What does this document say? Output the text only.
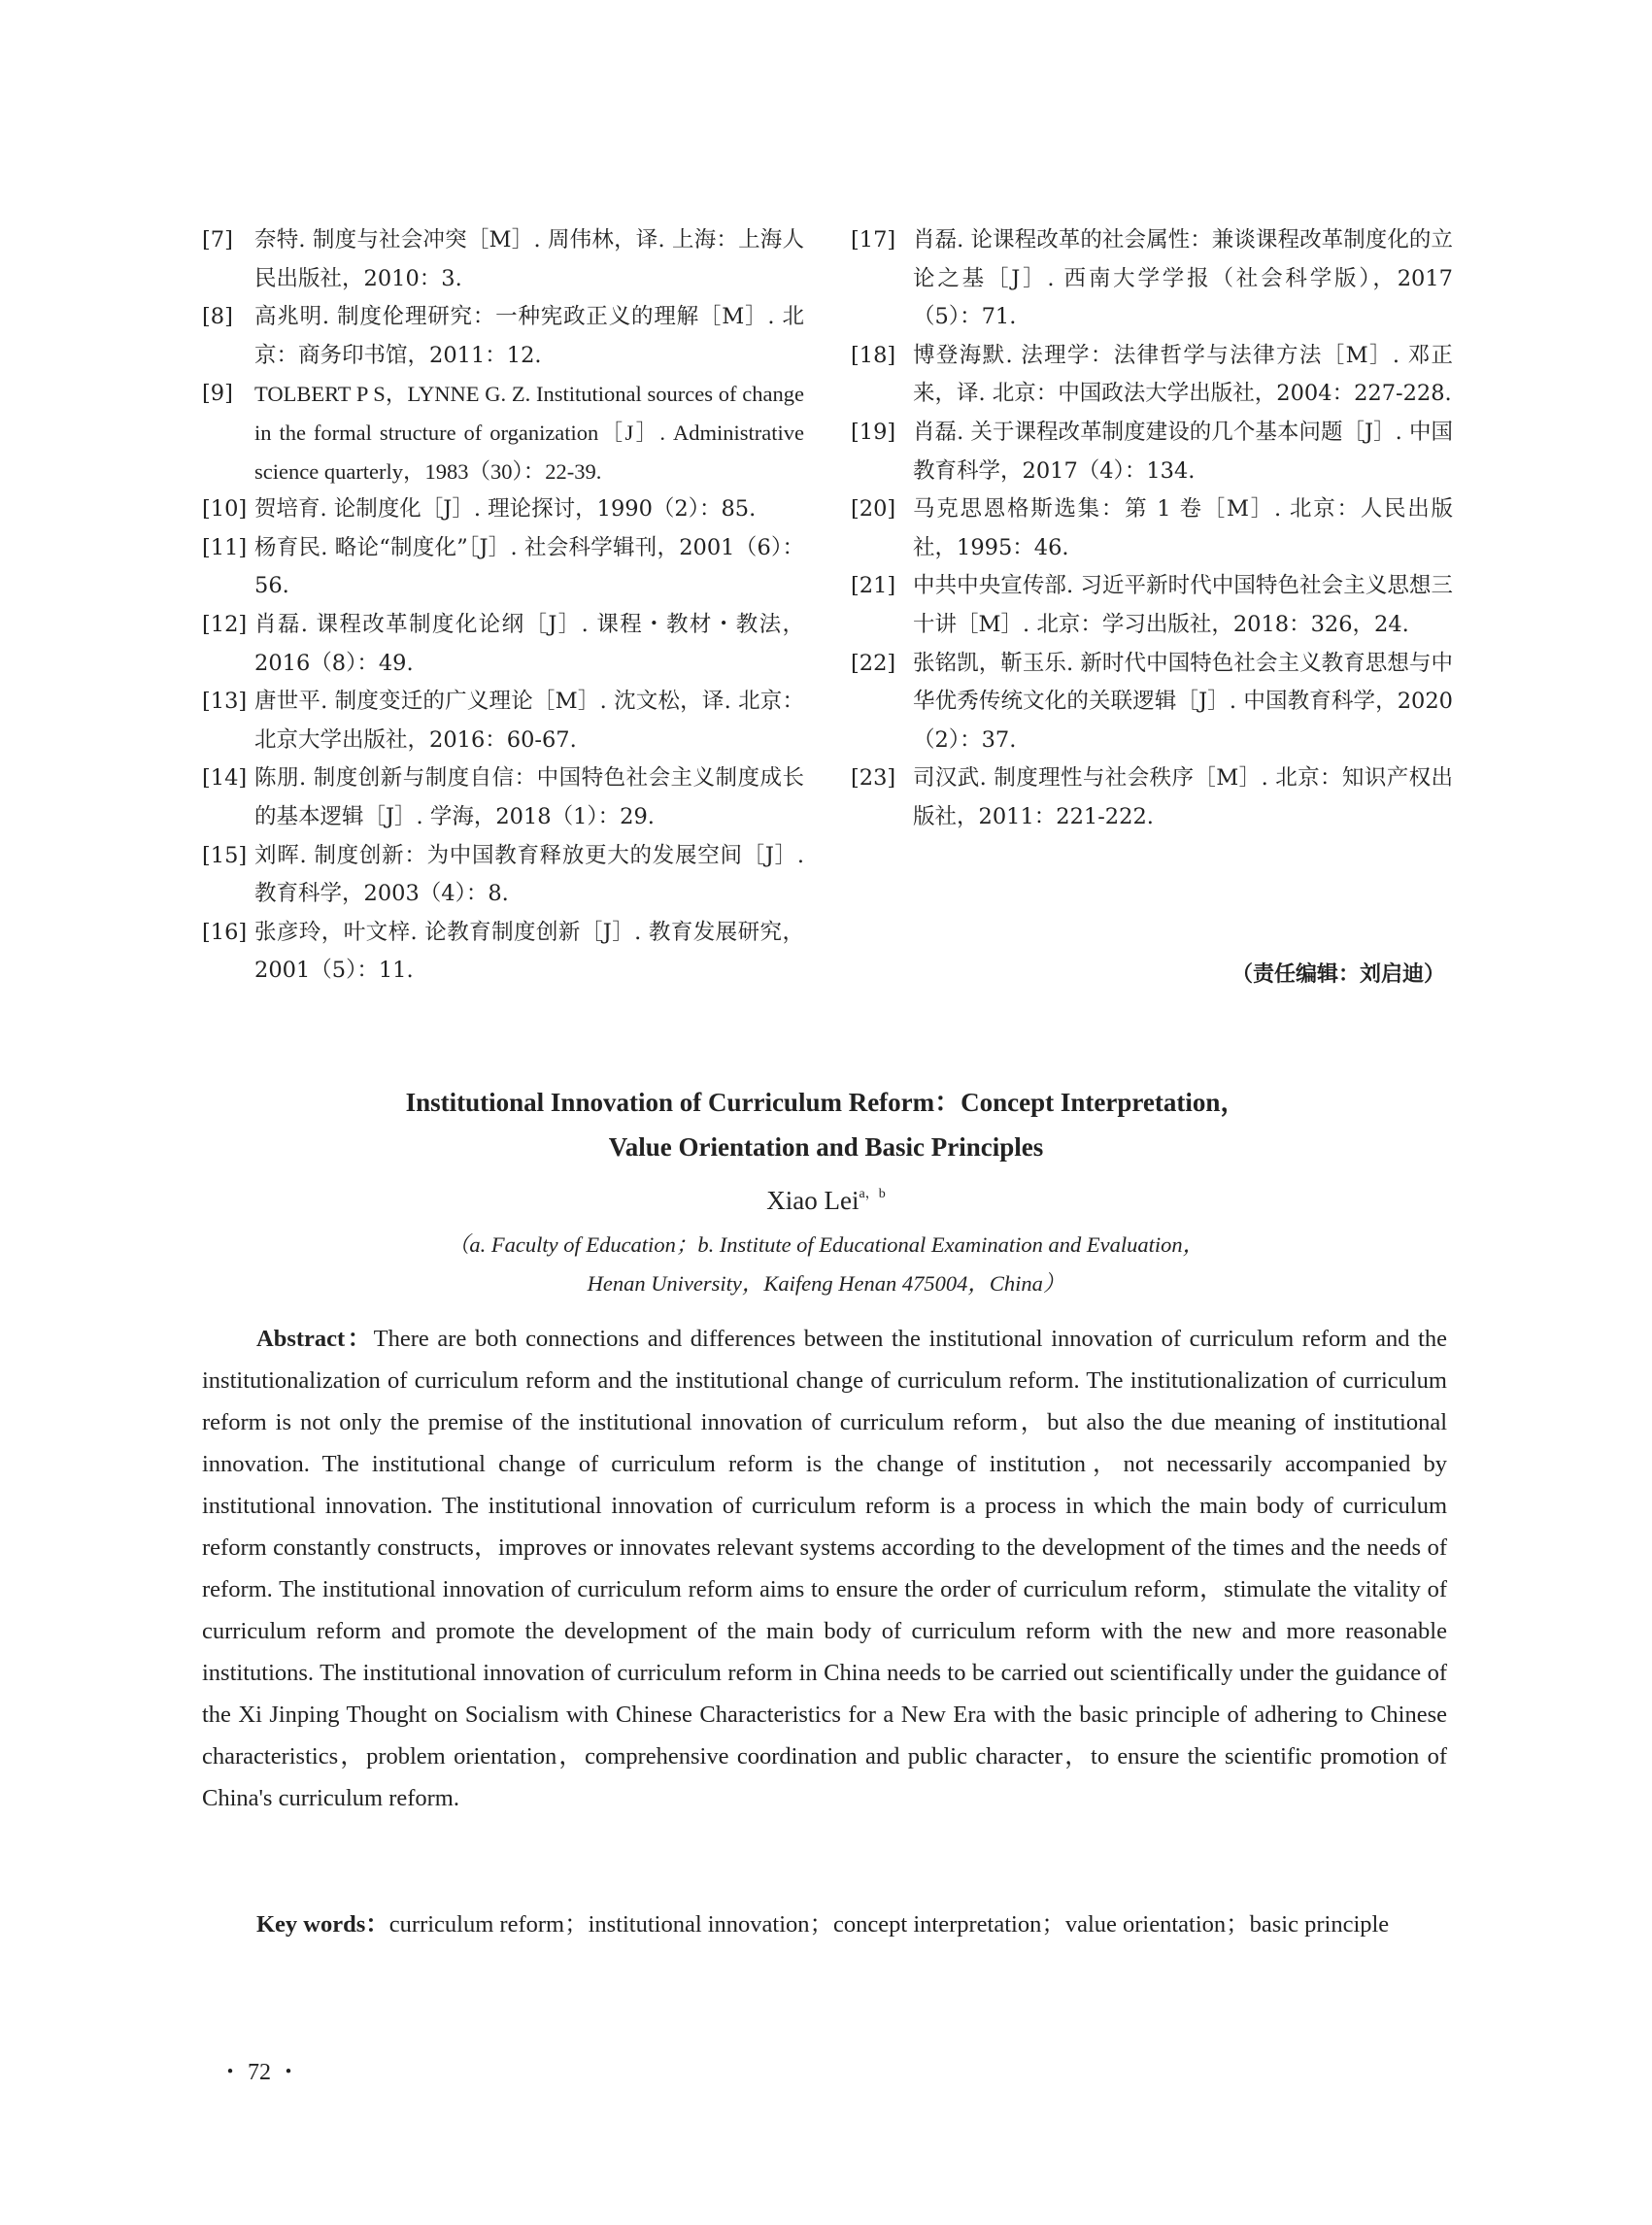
[7] 奈特. 制度与社会冲突［M］. 周伟林，译. 上海：上海人民出版社，2010：3.
[8] 高兆明. 制度伦理研究：一种宪政正义的理解［M］. 北京：商务印书馆，2011：12.
[9] TOLBERT P S，LYNNE G. Z. Institutional sources of change in the formal structure of organization［J］. Administrative science quarterly，1983（30）：22-39.
[10] 贺培育. 论制度化［J］. 理论探讨，1990（2）：85.
[11] 杨育民. 略论“制度化”［J］. 社会科学辑刊，2001（6）：56.
[12] 肖磊. 课程改革制度化论纲［J］. 课程・教材・教法，2016（8）：49.
[13] 唐世平. 制度变迁的广义理论［M］. 沈文松，译. 北京：北京大学出版社，2016：60-67.
[14] 陈朋. 制度创新与制度自信：中国特色社会主义制度成长的基本逻辑［J］. 学海，2018（1）：29.
[15] 刘晖. 制度创新：为中国教育释放更大的发展空间［J］. 教育科学，2003（4）：8.
[16] 张彦玲，叶文梓. 论教育制度创新［J］. 教育发展研究，2001（5）：11.
[17] 肖磊. 论课程改革的社会属性：兼谈课程改革制度化的立论之基［J］. 西南大学学报（社会科学版），2017（5）：71.
[18] 博登海默. 法理学：法律哲学与法律方法［M］. 邓正来，译. 北京：中国政法大学出版社，2004：227-228.
[19] 肖磊. 关于课程改革制度建设的几个基本问题［J］. 中国教育科学，2017（4）：134.
[20] 马克思恩格斯选集：第 1 卷［M］. 北京：人民出版社，1995：46.
[21] 中共中央宣传部. 习近平新时代中国特色社会主义思想三十讲［M］. 北京：学习出版社，2018：326，24.
[22] 张铭凯，靳玉乐. 新时代中国特色社会主义教育思想与中华优秀传统文化的关联逻辑［J］. 中国教育科学，2020（2）：37.
[23] 司汉武. 制度理性与社会秩序［M］. 北京：知识产权出版社，2011：221-222.
（责任编辑：刘启迪）
Institutional Innovation of Curriculum Reform：Concept Interpretation，
Value Orientation and Basic Principles
Xiao Lei$^{a,b}$
（a. Faculty of Education；b. Institute of Educational Examination and Evaluation，
Henan University，Kaifeng Henan 475004，China）
Abstract：There are both connections and differences between the institutional innovation of curriculum reform and the institutionalization of curriculum reform and the institutional change of curriculum reform. The institutionalization of curriculum reform is not only the premise of the institutional innovation of curriculum reform，but also the due meaning of institutional innovation. The institutional change of curriculum reform is the change of institution，not necessarily accompanied by institutional innovation. The institutional innovation of curriculum reform is a process in which the main body of curriculum reform constantly constructs，improves or innovates relevant systems according to the development of the times and the needs of reform. The institutional innovation of curriculum reform aims to ensure the order of curriculum reform，stimulate the vitality of curriculum reform and promote the development of the main body of curriculum reform with the new and more reasonable institutions. The institutional innovation of curriculum reform in China needs to be carried out scientifically under the guidance of the Xi Jinping Thought on Socialism with Chinese Characteristics for a New Era with the basic principle of adhering to Chinese characteristics，problem orientation，comprehensive coordination and public character，to ensure the scientific promotion of China's curriculum reform.
Key words：curriculum reform；institutional innovation；concept interpretation；value orientation；basic principle
・ 72 ・
